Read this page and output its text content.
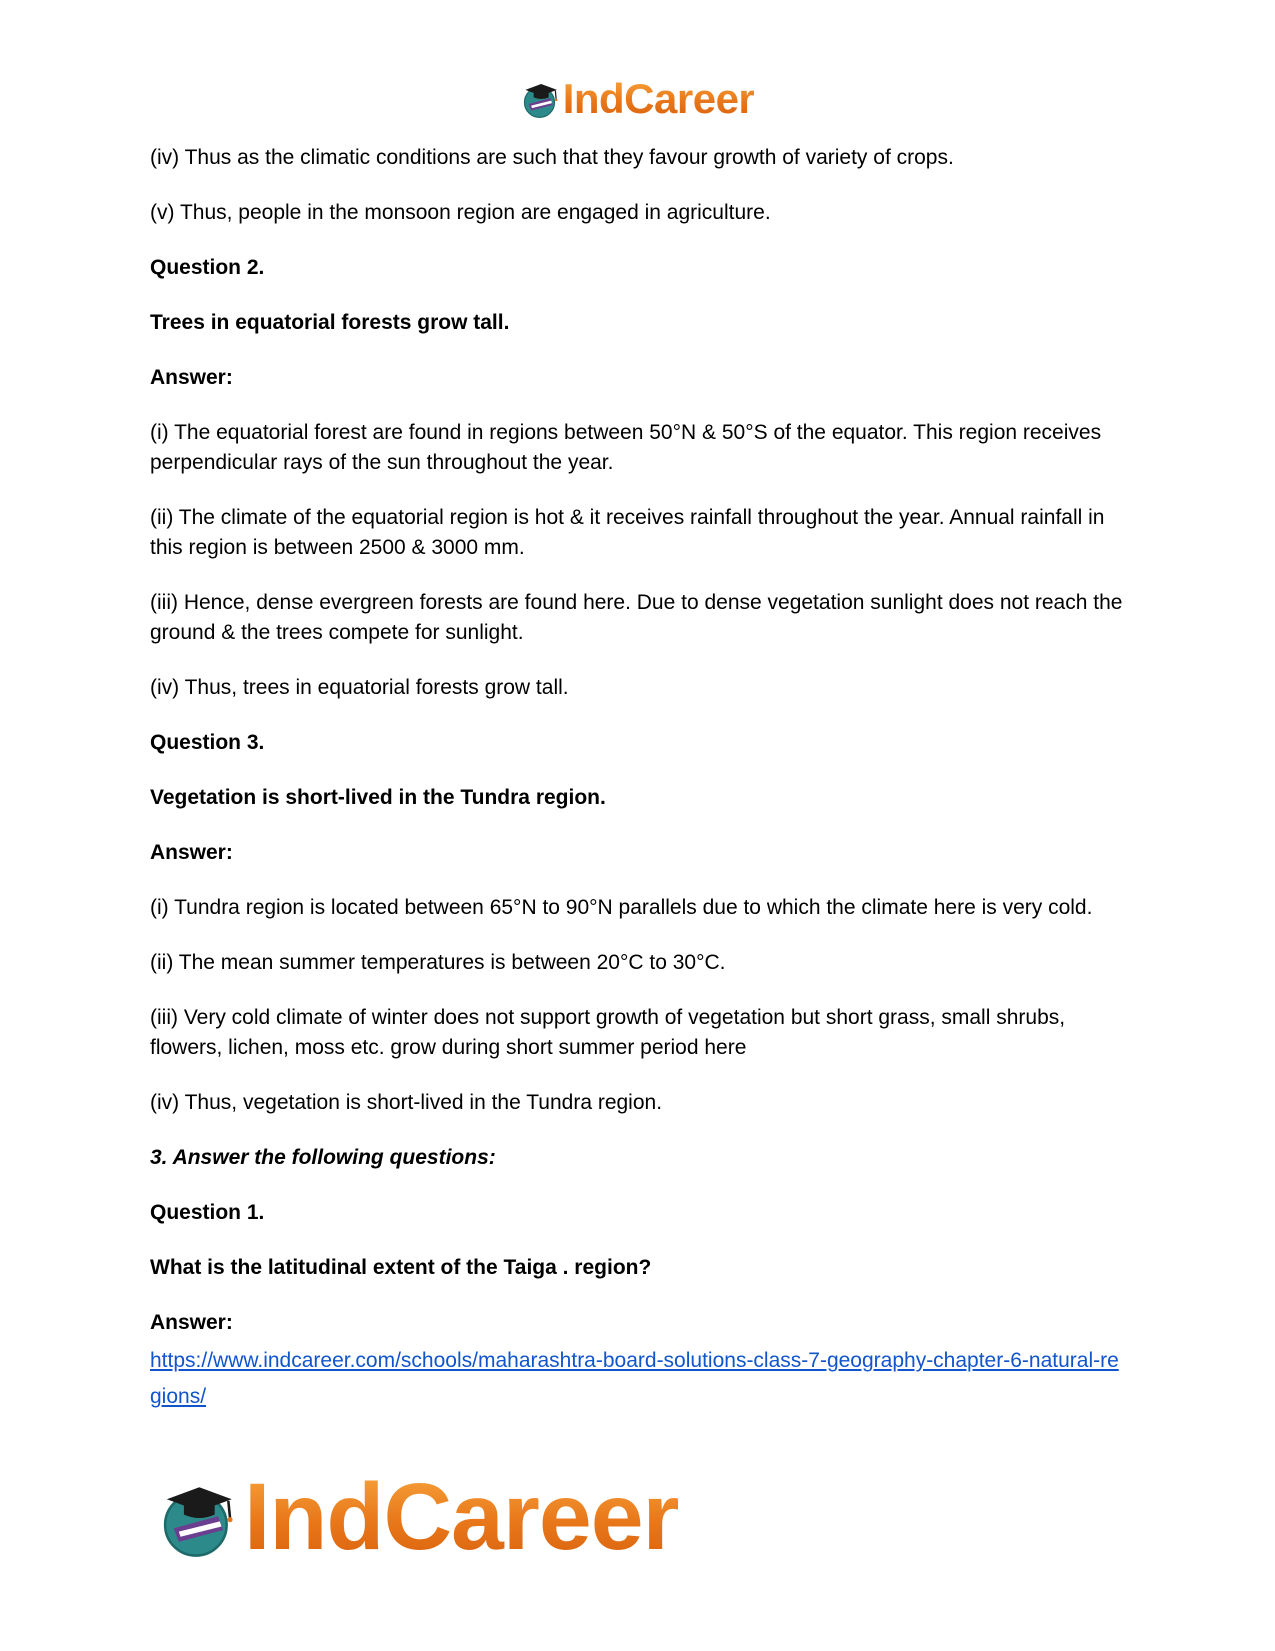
IndCareer

(iv) Thus as the climatic conditions are such that they favour growth of variety of crops.

(v) Thus, people in the monsoon region are engaged in agriculture.

Question 2.

Trees in equatorial forests grow tall.

Answer:

(i) The equatorial forest are found in regions between 50°N & 50°S of the equator. This region receives perpendicular rays of the sun throughout the year.

(ii) The climate of the equatorial region is hot & it receives rainfall throughout the year. Annual rainfall in this region is between 2500 & 3000 mm.

(iii) Hence, dense evergreen forests are found here. Due to dense vegetation sunlight does not reach the ground & the trees compete for sunlight.

(iv) Thus, trees in equatorial forests grow tall.

Question 3.

Vegetation is short-lived in the Tundra region.

Answer:

(i) Tundra region is located between 65°N to 90°N parallels due to which the climate here is very cold.

(ii) The mean summer temperatures is between 20°C to 30°C.

(iii) Very cold climate of winter does not support growth of vegetation but short grass, small shrubs, flowers, lichen, moss etc. grow during short summer period here

(iv) Thus, vegetation is short-lived in the Tundra region.

3. Answer the following questions:

Question 1.

What is the latitudinal extent of the Taiga . region?

Answer:

https://www.indcareer.com/schools/maharashtra-board-solutions-class-7-geography-chapter-6-natural-regions/
IndCareer
